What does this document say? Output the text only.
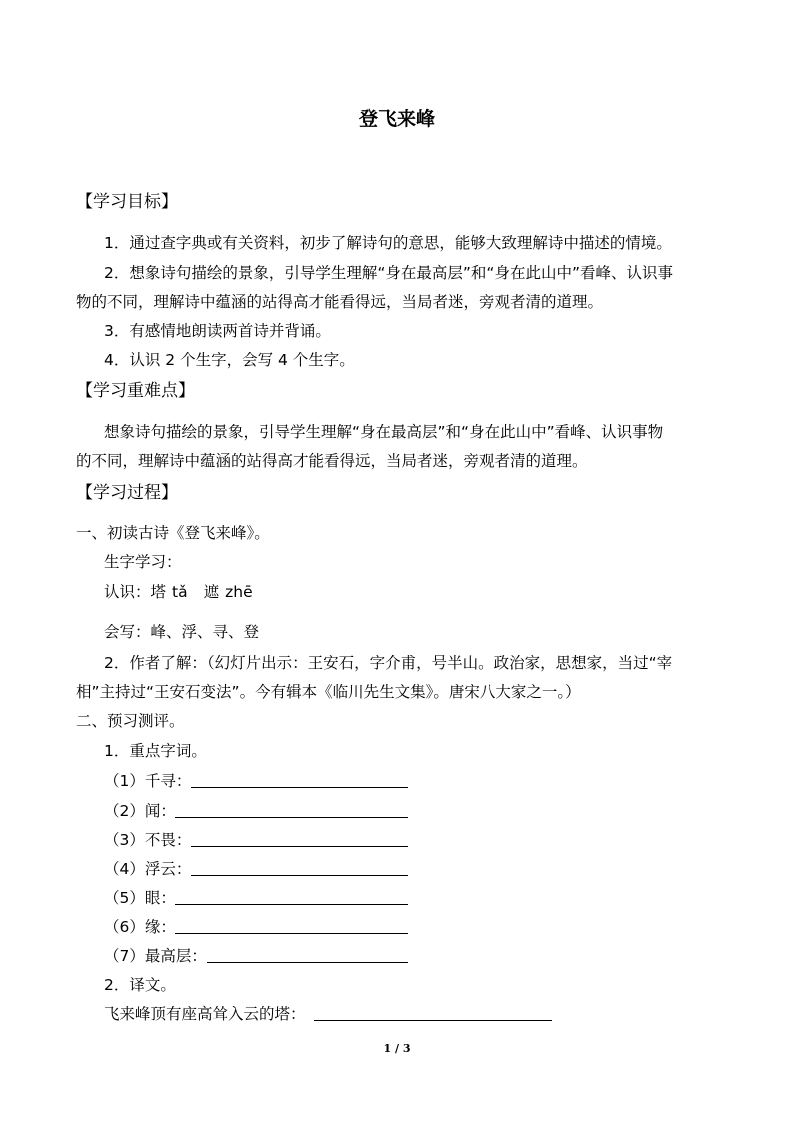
登飞来峰
【学习目标】
1．通过查字典或有关资料，初步了解诗句的意思，能够大致理解诗中描述的情境。
2．想象诗句描绘的景象，引导学生理解“身在最高层”和“身在此山中”看峰、认识事
物的不同，理解诗中蕴涵的站得高才能看得远，当局者迷，旁观者清的道理。
3．有感情地朗读两首诗并背诵。
4．认识 2 个生字，会写 4 个生字。
【学习重难点】
想象诗句描绘的景象，引导学生理解“身在最高层”和“身在此山中”看峰、认识事物
的不同，理解诗中蕴涵的站得高才能看得远，当局者迷，旁观者清的道理。
【学习过程】
一、初读古诗《登飞来峰》。
生字学习：
认识：塔 tǎ 遮 zhē
会写：峰、浮、寻、登
2．作者了解：（幻灯片出示：王安石，字介甫，号半山。政治家，思想家，当过“宰
相”主持过“王安石变法”。今有辑本《临川先生文集》。唐宋八大家之一。）
二、预习测评。
1．重点字词。
（1）千寻：
（2）闻：
（3）不畏：
（4）浮云：
（5）眼：
（6）缘：
（7）最高层：
2．译文。
飞来峰顶有座高耸入云的塔：
1 / 3
